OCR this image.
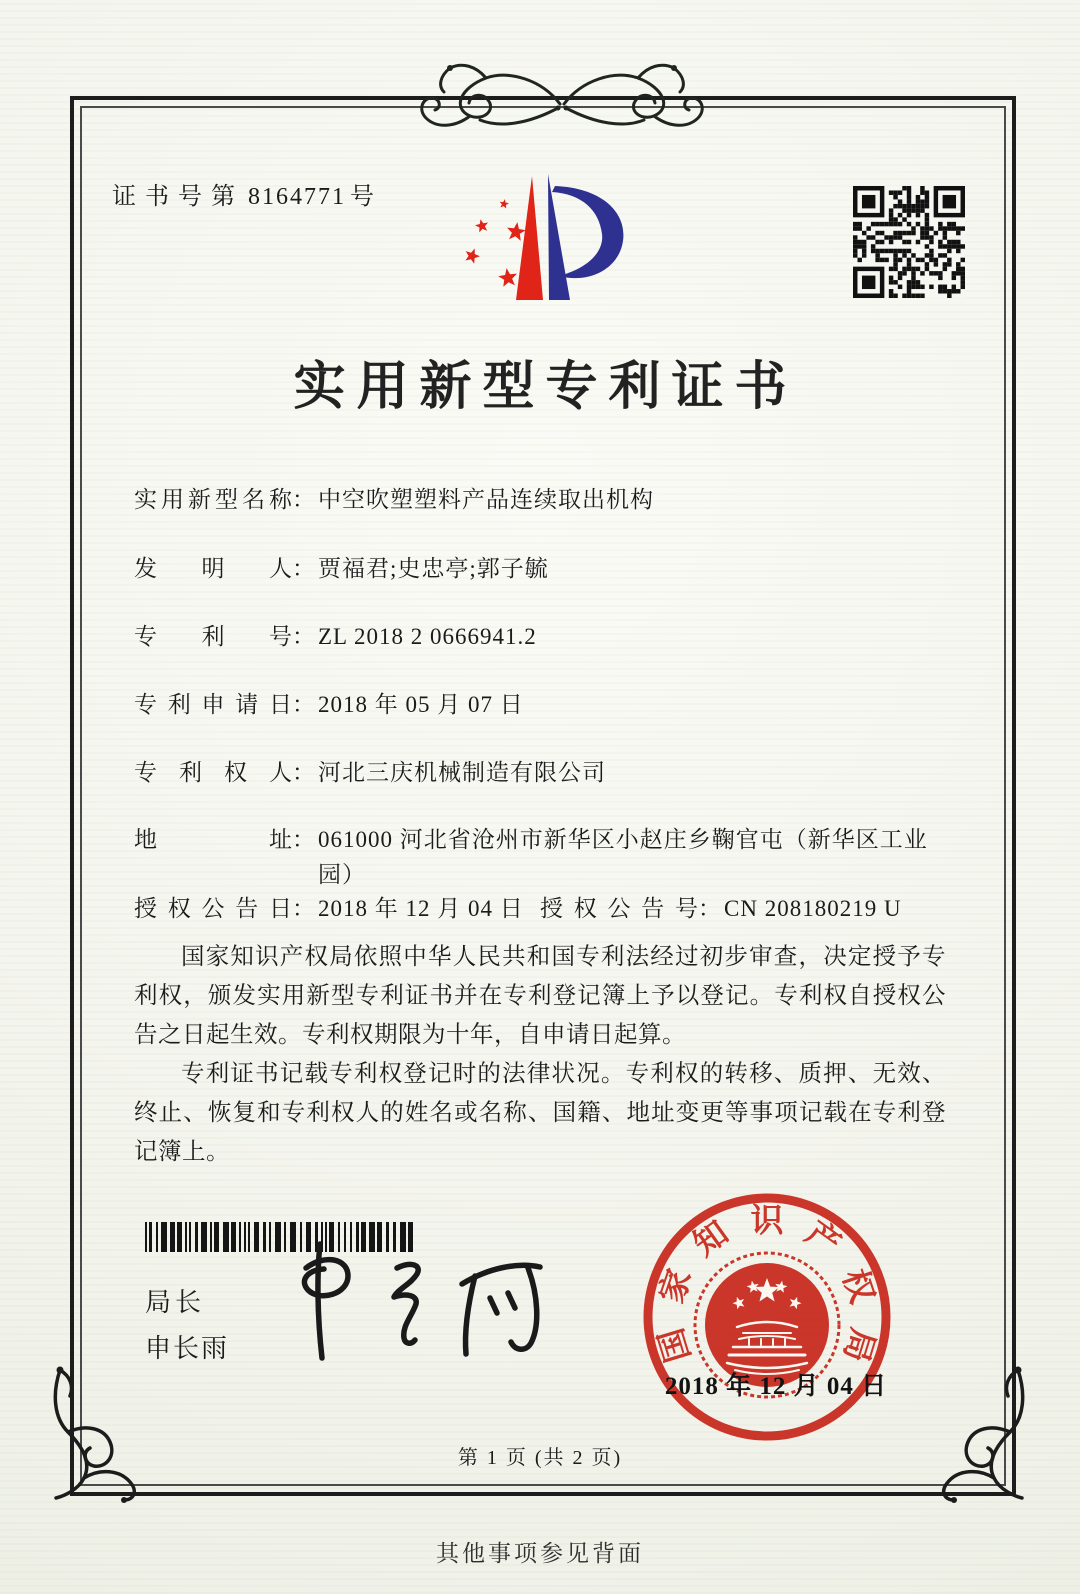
证书号第 8164771 号
实用新型专利证书
实用新型名称 ： 中空吹塑塑料产品连续取出机构
发明人 ： 贾福君;史忠亭;郭子毓
专利号 ： ZL 2018 2 0666941.2
专利申请日 ： 2018 年 05 月 07 日
专利权人 ： 河北三庆机械制造有限公司
地址 ： 061000 河北省沧州市新华区小赵庄乡鞠官屯（新华区工业园）
授权公告日 ： 2018 年 12 月 04 日 授权公告号 ： CN 208180219 U

国家知识产权局依照中华人民共和国专利法经过初步审查，决定授予专利权，颁发实用新型专利证书并在专利登记簿上予以登记。专利权自授权公告之日起生效。专利权期限为十年，自申请日起算。

专利证书记载专利权登记时的法律状况。专利权的转移、质押、无效、终止、恢复和专利权人的姓名或名称、国籍、地址变更等事项记载在专利登记簿上。

局长
申长雨	国
家
知 识 产
权
局
2018 年 12 月 04 日
第 1 页 (共 2 页)
其他事项参见背面
